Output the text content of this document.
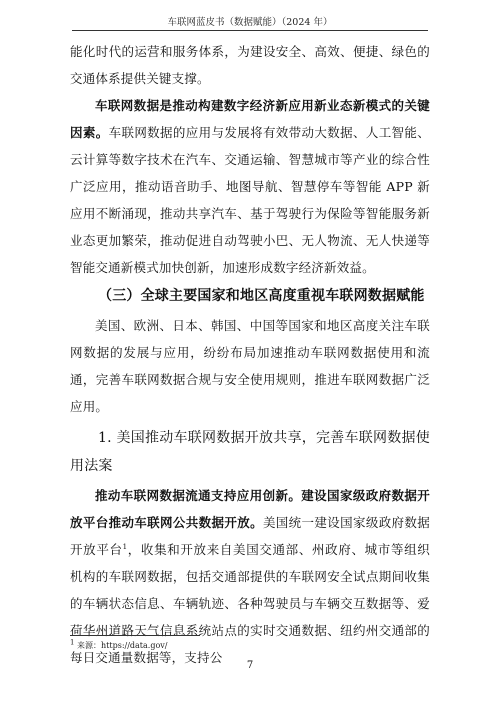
车联网蓝皮书（数据赋能）（2024 年）

能化时代的运营和服务体系，为建设安全、高效、便捷、绿色的交通体系提供关键支撑。

车联网数据是推动构建数字经济新应用新业态新模式的关键因素。车联网数据的应用与发展将有效带动大数据、人工智能、云计算等数字技术在汽车、交通运输、智慧城市等产业的综合性广泛应用，推动语音助手、地图导航、智慧停车等智能 APP 新应用不断涌现，推动共享汽车、基于驾驶行为保险等智能服务新业态更加繁荣，推动促进自动驾驶小巴、无人物流、无人快递等智能交通新模式加快创新，加速形成数字经济新效益。

（三）全球主要国家和地区高度重视车联网数据赋能

美国、欧洲、日本、韩国、中国等国家和地区高度关注车联网数据的发展与应用，纷纷布局加速推动车联网数据使用和流通，完善车联网数据合规与安全使用规则，推进车联网数据广泛应用。

1. 美国推动车联网数据开放共享，完善车联网数据使用法案

推动车联网数据流通支持应用创新。建设国家级政府数据开放平台推动车联网公共数据开放。美国统一建设国家级政府数据开放平台$^1$，收集和开放来自美国交通部、州政府、城市等组织机构的车联网数据，包括交通部提供的车联网安全试点期间收集的车辆状态信息、车辆轨迹、各种驾驶员与车辆交互数据等、爱荷华州道路天气信息系统站点的实时交通数据、纽约州交通部的每日交通量数据等，支持公

$^1$ 来源：https://data.gov/
7
